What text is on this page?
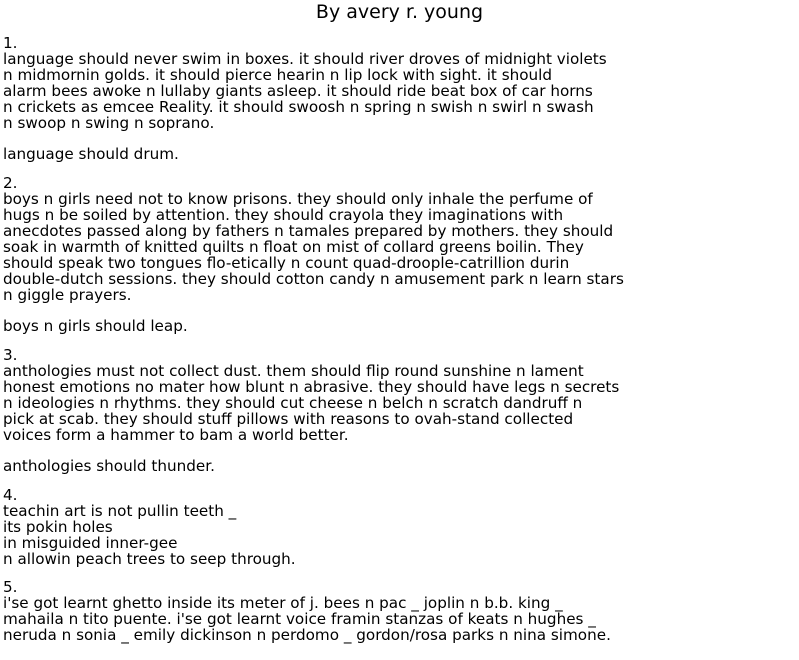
By avery r. young
1.
language should never swim in boxes. it should river droves of midnight violets
n midmornin golds. it should pierce hearin n lip lock with sight. it should
alarm bees awoke n lullaby giants asleep. it should ride beat box of car horns
n crickets as emcee Reality. it should swoosh n spring n swish n swirl n swash
n swoop n swing n soprano.
language should drum.
2.
boys n girls need not to know prisons. they should only inhale the perfume of
hugs n be soiled by attention. they should crayola they imaginations with
anecdotes passed along by fathers n tamales prepared by mothers. they should
soak in warmth of knitted quilts n float on mist of collard greens boilin. They
should speak two tongues flo-etically n count quad-droople-catrillion durin
double-dutch sessions. they should cotton candy n amusement park n learn stars
n giggle prayers.
boys n girls should leap.
3.
anthologies must not collect dust. them should flip round sunshine n lament
honest emotions no mater how blunt n abrasive. they should have legs n secrets
n ideologies n rhythms. they should cut cheese n belch n scratch dandruff n
pick at scab. they should stuff pillows with reasons to ovah-stand collected
voices form a hammer to bam a world better.
anthologies should thunder.
4.
teachin art is not pullin teeth _
its pokin holes
in misguided inner-gee
n allowin peach trees to seep through.
5.
i'se got learnt ghetto inside its meter of j. bees n pac _ joplin n b.b. king _
mahaila n tito puente. i'se got learnt voice framin stanzas of keats n hughes _
neruda n sonia _ emily dickinson n perdomo _ gordon/rosa parks n nina simone.
